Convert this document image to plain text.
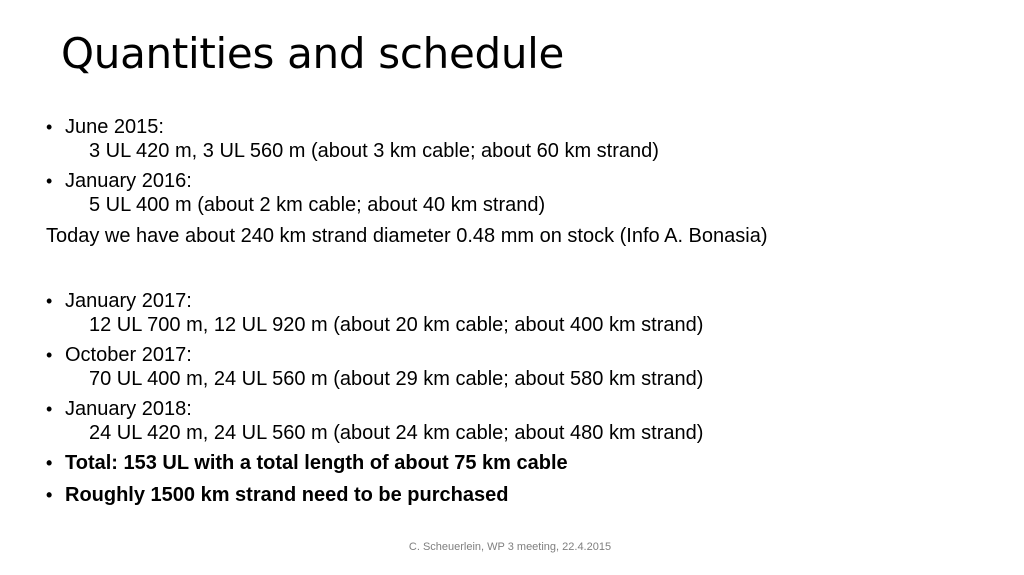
Quantities and schedule
• June 2015:
3 UL 420 m, 3 UL 560 m (about 3 km cable; about 60 km strand)
• January 2016:
5 UL 400 m (about 2 km cable; about 40 km strand)
Today we have about 240 km strand diameter 0.48 mm on stock (Info A. Bonasia)
• January 2017:
12 UL 700 m, 12 UL 920 m (about 20 km cable; about 400 km strand)
• October 2017:
70 UL 400 m, 24 UL 560 m (about 29 km cable; about 580 km strand)
• January 2018:
24 UL 420 m, 24 UL 560 m (about 24 km cable; about 480 km strand)
• Total: 153 UL with a total length of about 75 km cable
• Roughly 1500 km strand need to be purchased
C. Scheuerlein, WP 3 meeting, 22.4.2015
